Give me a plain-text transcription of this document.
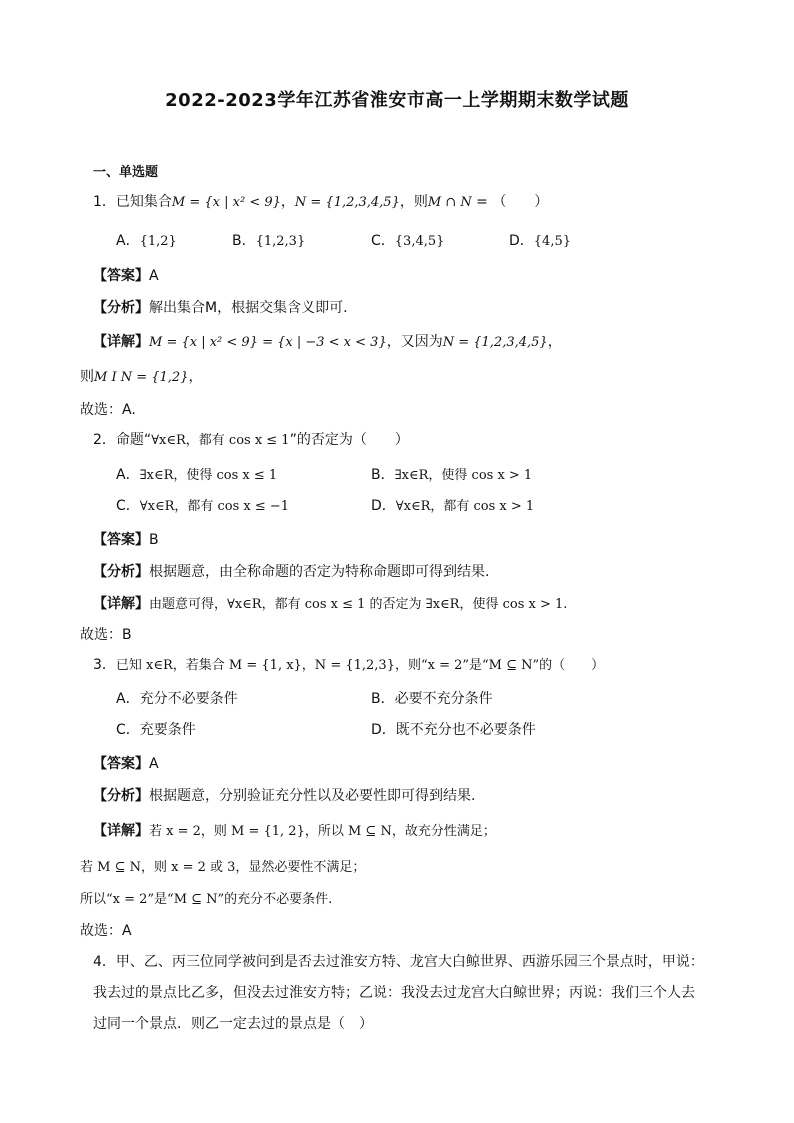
2022-2023学年江苏省淮安市高一上学期期末数学试题
一、单选题
1．已知集合M = {x | x² < 9}，N = {1,2,3,4,5}，则M ∩ N = （　　）
A．{1,2}	B．{1,2,3}	C．{3,4,5}	D．{4,5}
【答案】A
【分析】解出集合M，根据交集含义即可.
【详解】M = {x | x² < 9} = {x | −3 < x < 3}，又因为N = {1,2,3,4,5}，
则M I N = {1,2}，
故选：A.
2．命题“∀x∈R，都有 cos x ≤ 1”的否定为（　　）
A．∃x∈R，使得 cos x ≤ 1	B．∃x∈R，使得 cos x > 1
C．∀x∈R，都有 cos x ≤ −1	D．∀x∈R，都有 cos x > 1
【答案】B
【分析】根据题意，由全称命题的否定为特称命题即可得到结果.
【详解】由题意可得，∀x∈R，都有 cos x ≤ 1 的否定为 ∃x∈R，使得 cos x > 1.
故选：B
3．已知 x∈R，若集合 M = {1, x}，N = {1,2,3}，则“x = 2”是“M ⊆ N”的（　　）
A．充分不必要条件	B．必要不充分条件
C．充要条件	D．既不充分也不必要条件
【答案】A
【分析】根据题意，分别验证充分性以及必要性即可得到结果.
【详解】若 x = 2，则 M = {1, 2}，所以 M ⊆ N，故充分性满足；
若 M ⊆ N，则 x = 2 或 3，显然必要性不满足；
所以“x = 2”是“M ⊆ N”的充分不必要条件.
故选：A
4．甲、乙、丙三位同学被问到是否去过淮安方特、龙宫大白鲸世界、西游乐园三个景点时，甲说：
我去过的景点比乙多，但没去过淮安方特；乙说：我没去过龙宫大白鲸世界；丙说：我们三个人去
过同一个景点．则乙一定去过的景点是（　）
